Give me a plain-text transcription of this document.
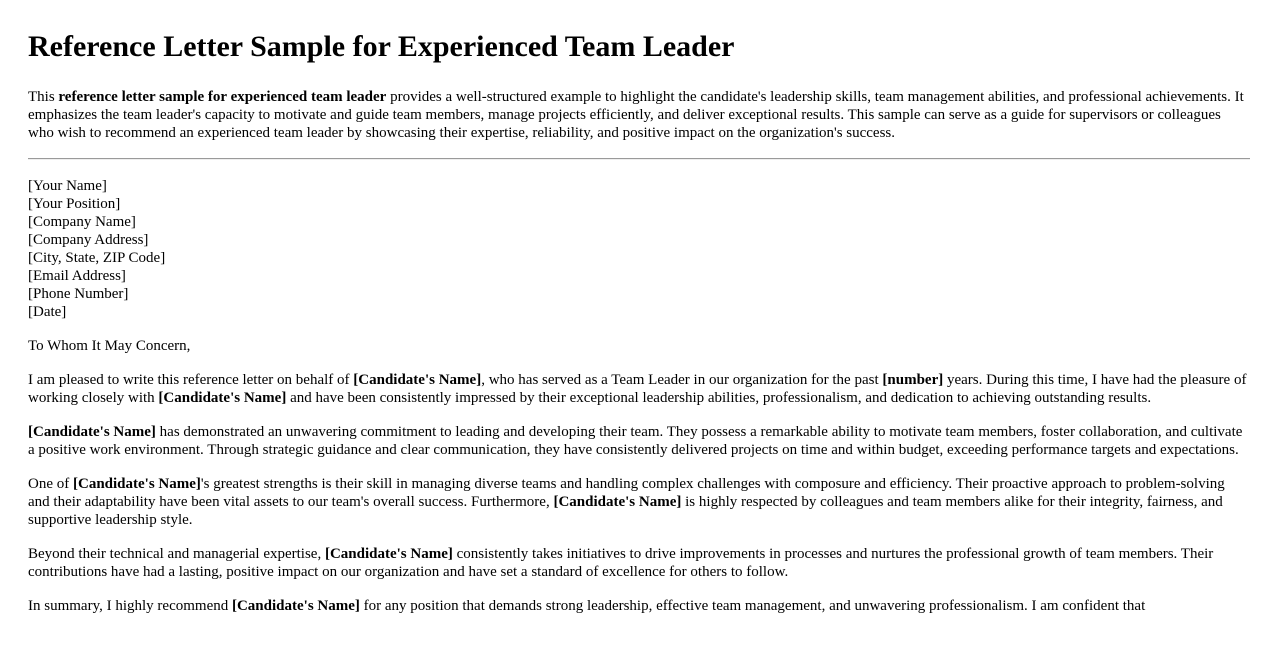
Reference Letter Sample for Experienced Team Leader
This reference letter sample for experienced team leader provides a well-structured example to highlight the candidate's leadership skills, team management abilities, and professional achievements. It emphasizes the team leader's capacity to motivate and guide team members, manage projects efficiently, and deliver exceptional results. This sample can serve as a guide for supervisors or colleagues who wish to recommend an experienced team leader by showcasing their expertise, reliability, and positive impact on the organization's success.
[Your Name]
[Your Position]
[Company Name]
[Company Address]
[City, State, ZIP Code]
[Email Address]
[Phone Number]
[Date]

To Whom It May Concern,

I am pleased to write this reference letter on behalf of [Candidate's Name], who has served as a Team Leader in our organization for the past [number] years. During this time, I have had the pleasure of working closely with [Candidate's Name] and have been consistently impressed by their exceptional leadership abilities, professionalism, and dedication to achieving outstanding results.

[Candidate's Name] has demonstrated an unwavering commitment to leading and developing their team. They possess a remarkable ability to motivate team members, foster collaboration, and cultivate a positive work environment. Through strategic guidance and clear communication, they have consistently delivered projects on time and within budget, exceeding performance targets and expectations.

One of [Candidate's Name]'s greatest strengths is their skill in managing diverse teams and handling complex challenges with composure and efficiency. Their proactive approach to problem-solving and their adaptability have been vital assets to our team's overall success. Furthermore, [Candidate's Name] is highly respected by colleagues and team members alike for their integrity, fairness, and supportive leadership style.

Beyond their technical and managerial expertise, [Candidate's Name] consistently takes initiatives to drive improvements in processes and nurtures the professional growth of team members. Their contributions have had a lasting, positive impact on our organization and have set a standard of excellence for others to follow.

In summary, I highly recommend [Candidate's Name] for any position that demands strong leadership, effective team management, and unwavering professionalism. I am confident that
